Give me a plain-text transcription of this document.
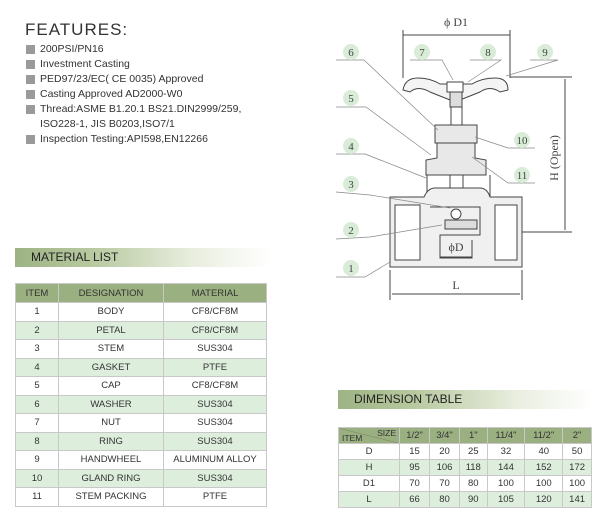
FEATURES:
200PSI/PN16
Investment Casting
PED97/23/EC( CE 0035) Approved
Casting Approved AD2000-W0
Thread:ASME B1.20.1 BS21.DIN2999/259,
ISO228-1, JIS B0203,ISO7/1
Inspection Testing:API598,EN12266
ϕ D1
ϕD
L
H (Open)
1
2
3
4
5
6	7	8	9
10
11
MATERIAL LIST
ITEM	DESIGNATION	MATERIAL
1	BODY	CF8/CF8M
2	PETAL	CF8/CF8M
3	STEM	SUS304
4	GASKET	PTFE
5	CAP	CF8/CF8M
6	WASHER	SUS304
7	NUT	SUS304
8	RING	SUS304
9	HANDWHEEL	ALUMINUM ALLOY
10	GLAND RING	SUS304
11	STEM PACKING	PTFE
DIMENSION TABLE
SIZE
ITEM	1/2"	3/4"	1"	11/4"	11/2"	2"
D	15	20	25	32	40	50
H	95	106	118	144	152	172
D1	70	70	80	100	100	100
L	66	80	90	105	120	141
